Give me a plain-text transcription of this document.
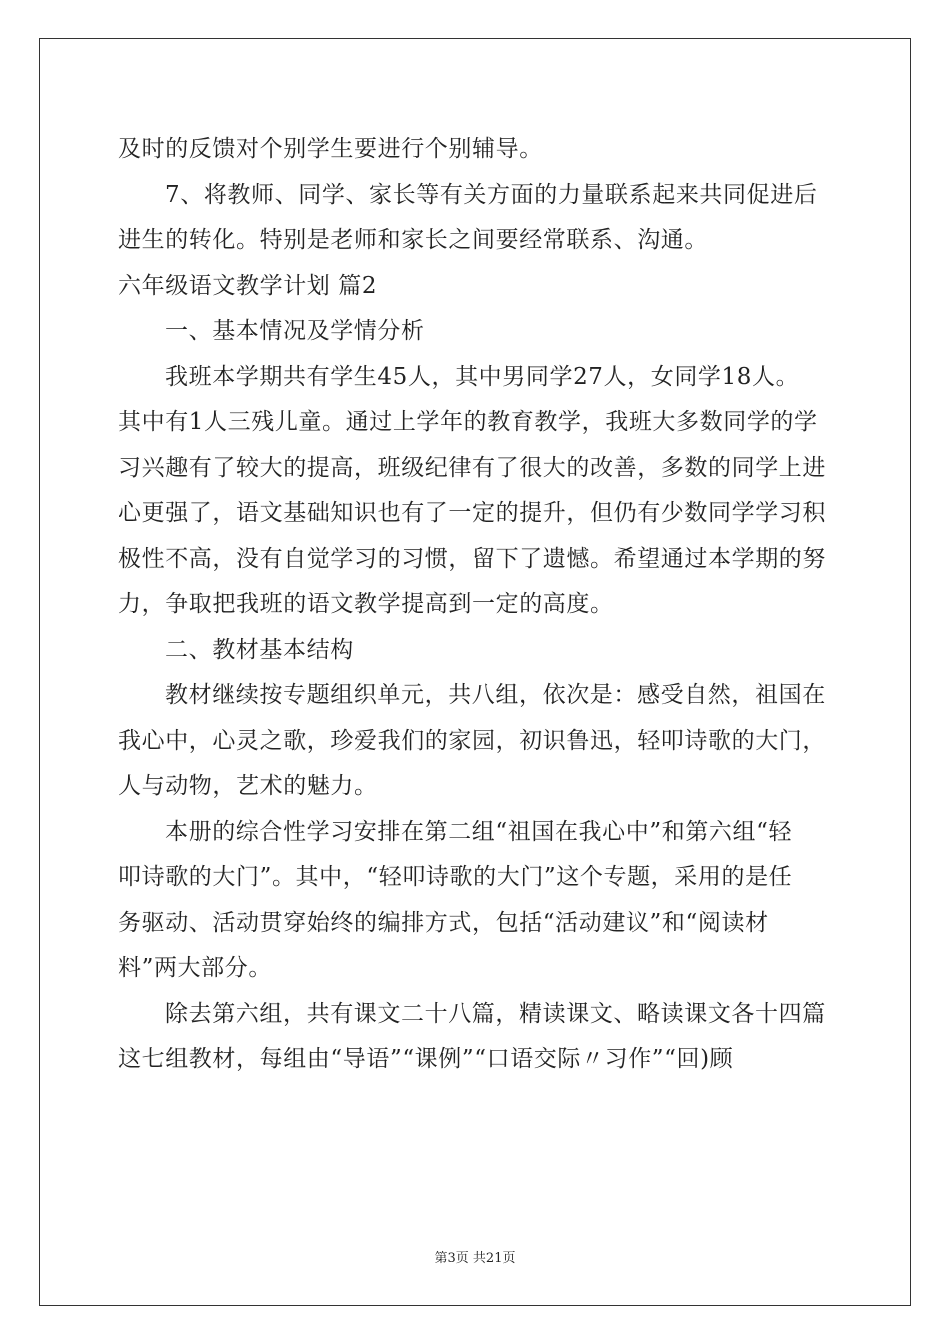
及时的反馈对个别学生要进行个别辅导。
7、将教师、同学、家长等有关方面的力量联系起来共同促进后
进生的转化。特别是老师和家长之间要经常联系、沟通。
六年级语文教学计划 篇2
一、基本情况及学情分析
我班本学期共有学生45人，其中男同学27人，女同学18人。
其中有1人三残儿童。通过上学年的教育教学，我班大多数同学的学
习兴趣有了较大的提高，班级纪律有了很大的改善，多数的同学上进
心更强了，语文基础知识也有了一定的提升，但仍有少数同学学习积
极性不高，没有自觉学习的习惯，留下了遗憾。希望通过本学期的努
力，争取把我班的语文教学提高到一定的高度。
二、教材基本结构
教材继续按专题组织单元，共八组，依次是：感受自然，祖国在
我心中，心灵之歌，珍爱我们的家园，初识鲁迅，轻叩诗歌的大门，
人与动物，艺术的魅力。
本册的综合性学习安排在第二组“祖国在我心中”和第六组“轻
叩诗歌的大门”。其中，“轻叩诗歌的大门”这个专题，采用的是任
务驱动、活动贯穿始终的编排方式，包括“活动建议”和“阅读材
料”两大部分。
除去第六组，共有课文二十八篇，精读课文、略读课文各十四篇
这七组教材，每组由“导语”“课例”“口语交际〃习作”“回)顾
第3页 共21页
